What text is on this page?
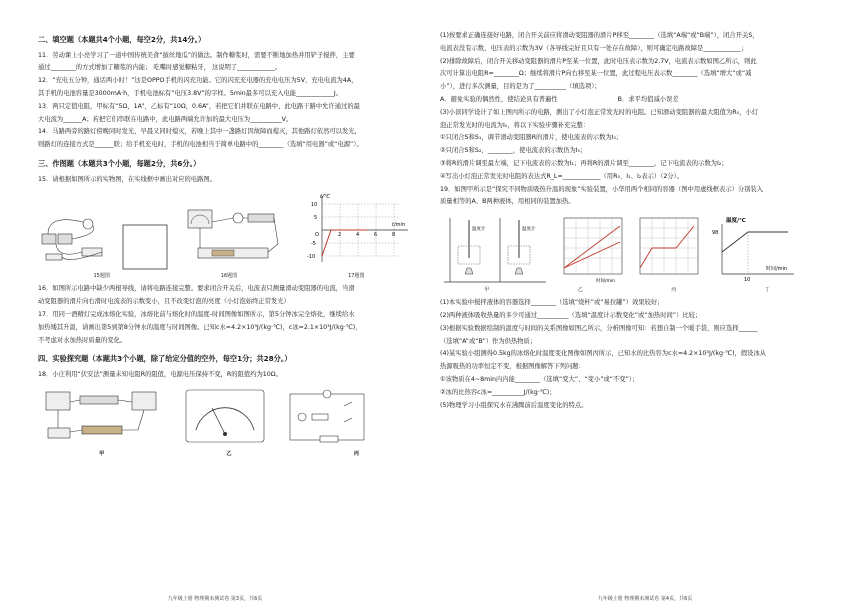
二、填空题（本题共4个小题，每空2分，共14分。）

11．劳动课上小亮学习了一道中国传统美食“拔丝地瓜”的做法。制作糖浆时，需要不断地加热并用铲子搅拌，主要

通过________的方式增加了糖浆的内能； 吃嘴时感觉糖粘牙， 这说明了____________。

12．“充电五分钟，通话两小时！”这是OPPO手机的闪充功能。它的闪充充电器的充电电压为5V、充电电流为4A，

其手机的电池容量是3000mA·h，手机电池标有“电压3.8V”的字样。5min最多可以充入电能____________J。

13．两只定值电阻，甲标有“5Ω，1A”，乙标有“10Ω，0.6A”，若把它们并联在电路中，此电路干路中允许通过的最

大电流为______A；若把它们串联在电路中，此电路两端允许加的最大电压为__________V。

14．马路两旁的路灯傍晚同时发光，早晨又同时熄灭，若晚上其中一盏路灯因故障而熄灭，其他路灯依然可以发光，

则路灯的连接方式是______联；给手机充电时，手机的电池相当于简单电路中的________（选填“用电器”或“电源”）。

三、作图题（本题共3个小题，每题2分，共6分。）

15．请根据如图所示的实物图，在实线框中画出对应的电路图。

t/℃
t/min
10
5
O
-5
-10
2	4	6	8
15题图	16题图	17题图

16．如图所示电路中缺少两根导线，请将电路连接完整。要求闭合开关后，电流表只测量滑动变阻器的电流，当滑

动变阻器的滑片向右滑时电流表的示数变小，且不改变灯泡的亮度（小灯泡始终正常发光）

17．用同一酒精灯完成冰熔化实验，冰熔化前与熔化时的温度-时间图像如图所示，第5分钟冰完全熔化，继续给水

加热矮其升温，请画出第5到第8分钟水的温度与时间图像。已知c水=4.2×10³J/(kg·℃)，c冰=2.1×10³J/(kg·℃)，

不考虑对水加热时质量的变化。

四、实验探究题（本题共3个小题，除了给定分值的空外，每空1分；共28分。）

18．小庄利用“伏安法”测量未知电阻R的阻值，电源电压保持不变，R的阻值约为10Ω。

甲	乙	丙
九年级上册 物理期末测试卷 第3页，共6页

(1)按要求正确连接好电路，闭合开关前应将滑动变阻器的滑片P移至________（选填“A端”或“B端”），闭合开关S，

电流表没有示数，电压表的示数为3V（各导线完好且只有一处存在故障），则可确定电路故障是____________；

(2)排除故障后，闭合开关移动变阻器的滑片P至某一位置，此时电压表示数为2.7V，电流表示数如图乙所示，则此

次可计算出电阻R=________Ω；继续将滑片P向右移至某一位置，此过程电压表示数________（选填“增大”或“减

小”），进行多次测量，目的是为了__________（填选项）；

A．避免实验的偶然性，使结论具有普遍性	B．求平均值减小误差

(3)小滨同学设计了如上图丙所示的电路，测出了小灯泡正常发光时的电阻。已知滑动变阻器的最大阻值为R₀，小灯

泡正常发光时的电流为I₀，将以下实验步骤补充完整：

①只闭合S和S₁，调节滑动变阻器R的滑片，使电流表的示数为I₀；

②只闭合S和S₂，________，使电流表的示数仍为I₀；

③将R的滑片调至最左端，记下电流表的示数为I₁；再将R的滑片调至________，记下电流表的示数为I₂；

④写出小灯泡正常发光时电阻的表达式R_L=____________（用R₀、I₁、I₂表示）（2分）。

19．如图甲所示是“探究不同物质吸热升温的现象”实验装置，小华用两个相同的容器（图中用虚线框表示）分别装入

质量相等的A、B两种液体，用相同的装置加热。

温度计	温度计
时间/min
温度/℃
98
10
时间/min
甲	乙	丙	丁

(1)本实验中搅拌液体的容器选择________（选填“烧杯”或“易拉罐”）效果较好；

(2)两种液体吸收热量的多少可通过__________（选填“温度计示数变化”或“加热时间”）比较；

(3)根据实验数据绘制的温度与时间的关系图像如图乙所示，分析图像可知：若想自制一个暖手袋，则应选择______

（选填“A”或“B”）作为供热物质；

(4)某实验小组测得0.5kg的冰熔化时温度变化图像如图丙所示，已知水的比热容为c水=4.2×10³J/(kg·℃)，假设冰从

热源吸热的功率恒定不变，根据图像解答下列问题：

①该物质在4~8min内内能________（选填“变大”、“变小”或“不变”）；

②冰的比热容c冰=__________J/(kg·℃)；

(5)物理学习小组探究水在沸腾前后温度变化的特点。

九年级上册 物理期末测试卷 第4页，共6页
